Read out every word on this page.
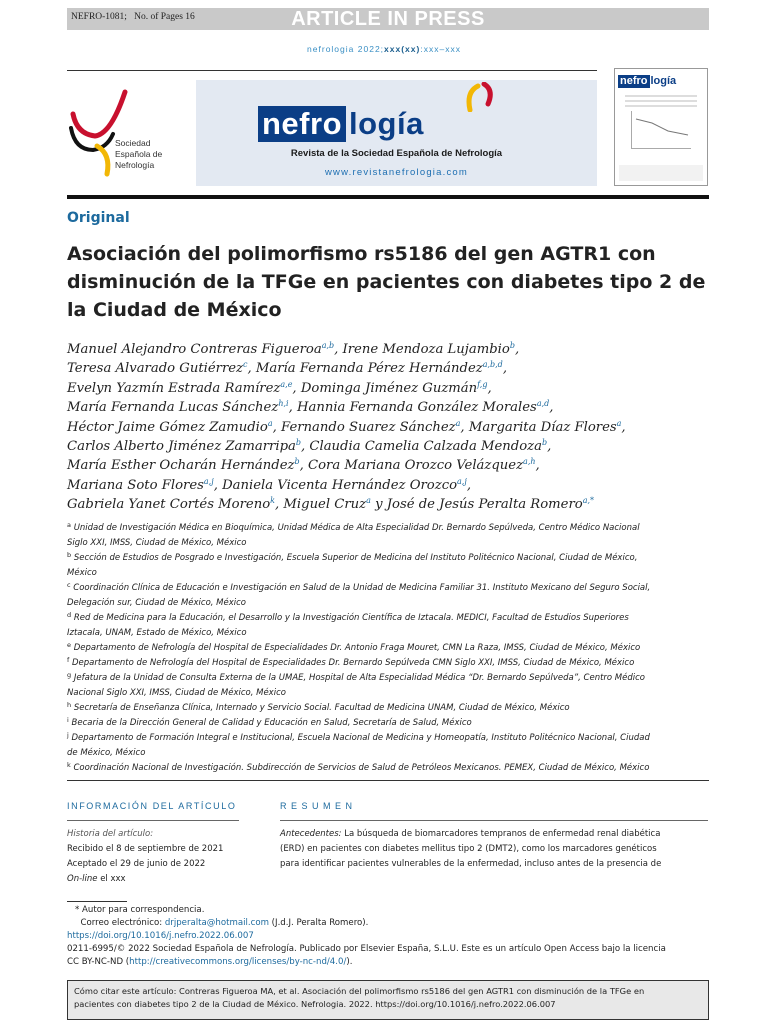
NEFRO-1081; No. of Pages 16	ARTICLE IN PRESS
nefrologia 2022;xxx(xx):xxx–xxx
Sociedad
Española de
Nefrología
nefro logía
Revista de la Sociedad Española de Nefrología
www.revistanefrologia.com
nefro logía
Original
Asociación del polimorfismo rs5186 del gen AGTR1 con disminución de la TFGe en pacientes con diabetes tipo 2 de la Ciudad de México
Manuel Alejandro Contreras Figueroa$^{a,b}$, Irene Mendoza Lujambio$^b$,
Teresa Alvarado Gutiérrez$^c$, María Fernanda Pérez Hernández$^{a,b,d}$,
Evelyn Yazmín Estrada Ramírez$^{a,e}$, Dominga Jiménez Guzmán$^{f,g}$,
María Fernanda Lucas Sánchez$^{h,i}$, Hannia Fernanda González Morales$^{a,d}$,
Héctor Jaime Gómez Zamudio$^a$, Fernando Suarez Sánchez$^a$, Margarita Díaz Flores$^a$,
Carlos Alberto Jiménez Zamarripa$^b$, Claudia Camelia Calzada Mendoza$^b$,
María Esther Ocharán Hernández$^b$, Cora Mariana Orozco Velázquez$^{a,h}$,
Mariana Soto Flores$^{a,j}$, Daniela Vicenta Hernández Orozco$^{a,j}$,
Gabriela Yanet Cortés Moreno$^k$, Miguel Cruz$^a$ y José de Jesús Peralta Romero$^{a,*}$
$^a$ Unidad de Investigación Médica en Bioquímica, Unidad Médica de Alta Especialidad Dr. Bernardo Sepúlveda, Centro Médico Nacional
Siglo XXI, IMSS, Ciudad de México, México
$^b$ Sección de Estudios de Posgrado e Investigación, Escuela Superior de Medicina del Instituto Politécnico Nacional, Ciudad de México,
México
$^c$ Coordinación Clínica de Educación e Investigación en Salud de la Unidad de Medicina Familiar 31. Instituto Mexicano del Seguro Social,
Delegación sur, Ciudad de México, México
$^d$ Red de Medicina para la Educación, el Desarrollo y la Investigación Científica de Iztacala. MEDICI, Facultad de Estudios Superiores
Iztacala, UNAM, Estado de México, México
$^e$ Departamento de Nefrología del Hospital de Especialidades Dr. Antonio Fraga Mouret, CMN La Raza, IMSS, Ciudad de México, México
$^f$ Departamento de Nefrología del Hospital de Especialidades Dr. Bernardo Sepúlveda CMN Siglo XXI, IMSS, Ciudad de México, México
$^g$ Jefatura de la Unidad de Consulta Externa de la UMAE, Hospital de Alta Especialidad Médica “Dr. Bernardo Sepúlveda”, Centro Médico
Nacional Siglo XXI, IMSS, Ciudad de México, México
$^h$ Secretaría de Enseñanza Clínica, Internado y Servicio Social. Facultad de Medicina UNAM, Ciudad de México, México
$^i$ Becaria de la Dirección General de Calidad y Educación en Salud, Secretaría de Salud, México
$^j$ Departamento de Formación Integral e Institucional, Escuela Nacional de Medicina y Homeopatía, Instituto Politécnico Nacional, Ciudad
de México, México
$^k$ Coordinación Nacional de Investigación. Subdirección de Servicios de Salud de Petróleos Mexicanos. PEMEX, Ciudad de México, México
INFORMACIÓN DEL ARTÍCULO
Historia del artículo:
Recibido el 8 de septiembre de 2021
Aceptado el 29 de junio de 2022
On-line el xxx
RESUMEN
Antecedentes: La búsqueda de biomarcadores tempranos de enfermedad renal diabética
(ERD) en pacientes con diabetes mellitus tipo 2 (DMT2), como los marcadores genéticos
para identificar pacientes vulnerables de la enfermedad, incluso antes de la presencia de
* Autor para correspondencia.
Correo electrónico: drjperalta@hotmail.com (J.d.J. Peralta Romero).
https://doi.org/10.1016/j.nefro.2022.06.007
0211-6995/© 2022 Sociedad Española de Nefrología. Publicado por Elsevier España, S.L.U. Este es un artículo Open Access bajo la licencia
CC BY-NC-ND (http://creativecommons.org/licenses/by-nc-nd/4.0/).
Cómo citar este artículo: Contreras Figueroa MA, et al. Asociación del polimorfismo rs5186 del gen AGTR1 con disminución de la TFGe en
pacientes con diabetes tipo 2 de la Ciudad de México. Nefrologia. 2022. https://doi.org/10.1016/j.nefro.2022.06.007
